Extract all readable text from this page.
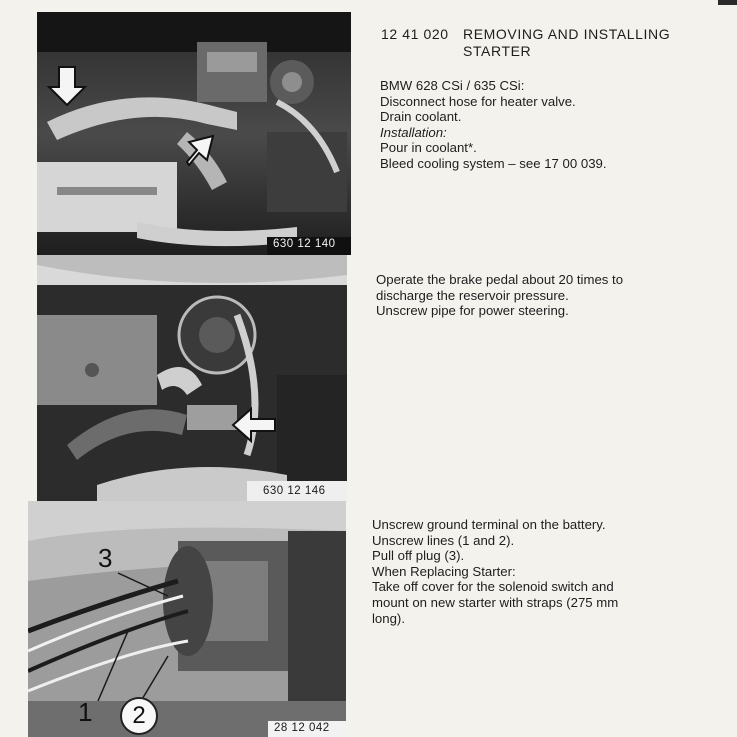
630 12 140
630 12 146
3
1	2	28 12 042
12 41 020 REMOVING AND INSTALLING
STARTER
BMW 628 CSi / 635 CSi:
Disconnect hose for heater valve.
Drain coolant.
Installation:
Pour in coolant*.
Bleed cooling system – see 17 00 039.
Operate the brake pedal about 20 times to
discharge the reservoir pressure.
Unscrew pipe for power steering.
Unscrew ground terminal on the battery.
Unscrew lines (1 and 2).
Pull off plug (3).
When Replacing Starter:
Take off cover for the solenoid switch and
mount on new starter with straps (275 mm
long).
